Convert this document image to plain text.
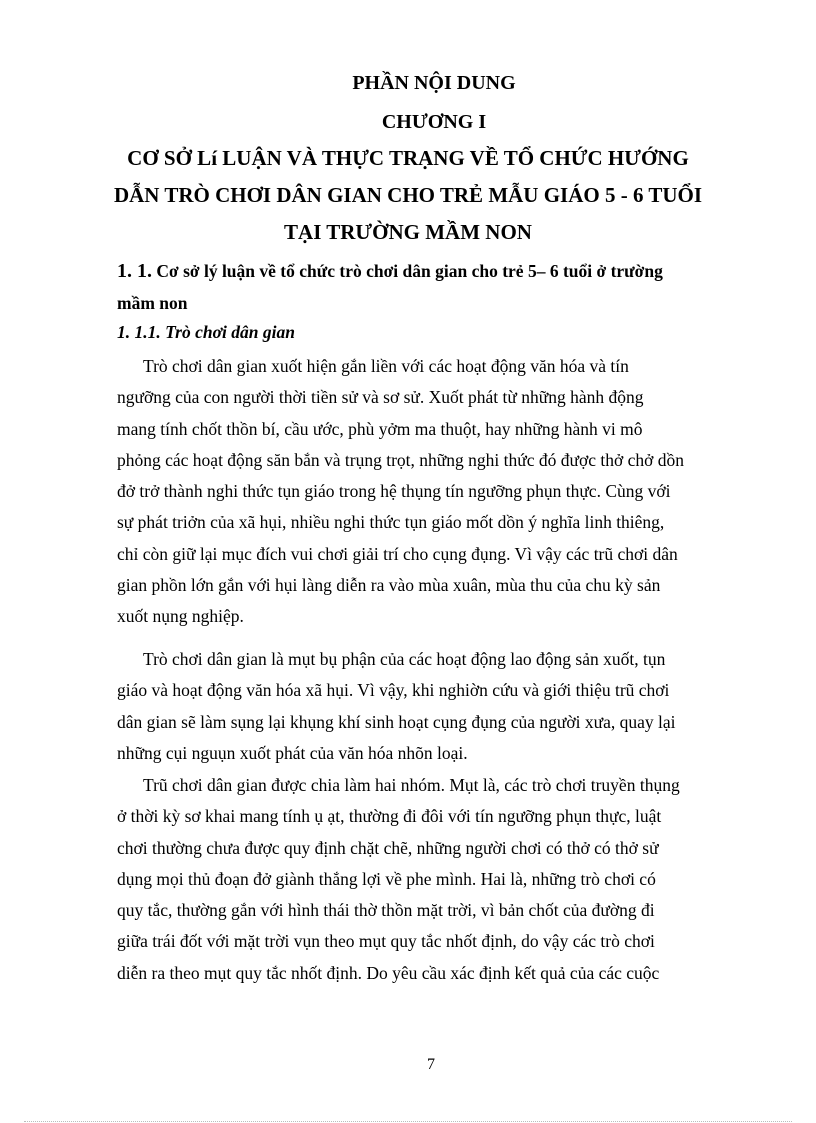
PHẦN NỘI DUNG
CHƯƠNG I
CƠ SỞ Lí LUẬN VÀ THỰC TRẠNG VỀ TỔ CHỨC HƯỚNG
DẪN TRÒ CHƠI DÂN GIAN CHO TRẺ MẪU GIÁO 5 - 6 TUỔI
TẠI TRƯỜNG MẦM NON
1. 1. Cơ sở lý luận về tổ chức trò chơi dân gian cho trẻ 5– 6 tuổi ở trường
mầm non
1. 1.1. Trò chơi dân gian
Trò chơi dân gian xuốt hiện gắn liền với các hoạt động văn hóa và tín
ngưỡng của con người thời tiền sử và sơ sử. Xuốt phát từ những hành động
mang tính chốt thồn bí, cầu ước, phù yởm ma thuột, hay những hành vi mô
phỏng các hoạt động săn bắn và trụng trọt, những nghi thức đó được thở chở dồn
đở trở thành nghi thức tụn giáo trong hệ thụng tín ngưỡng phụn thực. Cùng với
sự phát triởn của xã hụi, nhiều nghi thức tụn giáo mốt dồn ý nghĩa linh thiêng,
chỉ còn giữ lại mục đích vui chơi giải trí cho cụng đụng. Vì vậy các trũ chơi dân
gian phồn lớn gắn với hụi làng diễn ra vào mùa xuân, mùa thu của chu kỳ sản
xuốt nụng nghiệp.
Trò chơi dân gian là mụt bụ phận của các hoạt động lao động sản xuốt, tụn
giáo và hoạt động văn hóa xã hụi. Vì vậy, khi nghiờn cứu và giới thiệu trũ chơi
dân gian sẽ làm sụng lại khụng khí sinh hoạt cụng đụng của người xưa, quay lại
những cụi nguụn xuốt phát của văn hóa nhõn loại.
Trũ chơi dân gian được chia làm hai nhóm. Mụt là, các trò chơi truyền thụng
ở thời kỳ sơ khai mang tính ụ ạt, thường đi đôi với tín ngưỡng phụn thực, luật
chơi thường chưa được quy định chặt chẽ, những người chơi có thở có thở sử
dụng mọi thủ đoạn đở giành thắng lợi về phe mình. Hai là, những trò chơi có
quy tắc, thường gắn với hình thái thờ thồn mặt trời, vì bản chốt của đường đi
giữa trái đốt với mặt trời vụn theo mụt quy tắc nhốt định, do vậy các trò chơi
diễn ra theo mụt quy tắc nhốt định. Do yêu cầu xác định kết quả của các cuộc
7
